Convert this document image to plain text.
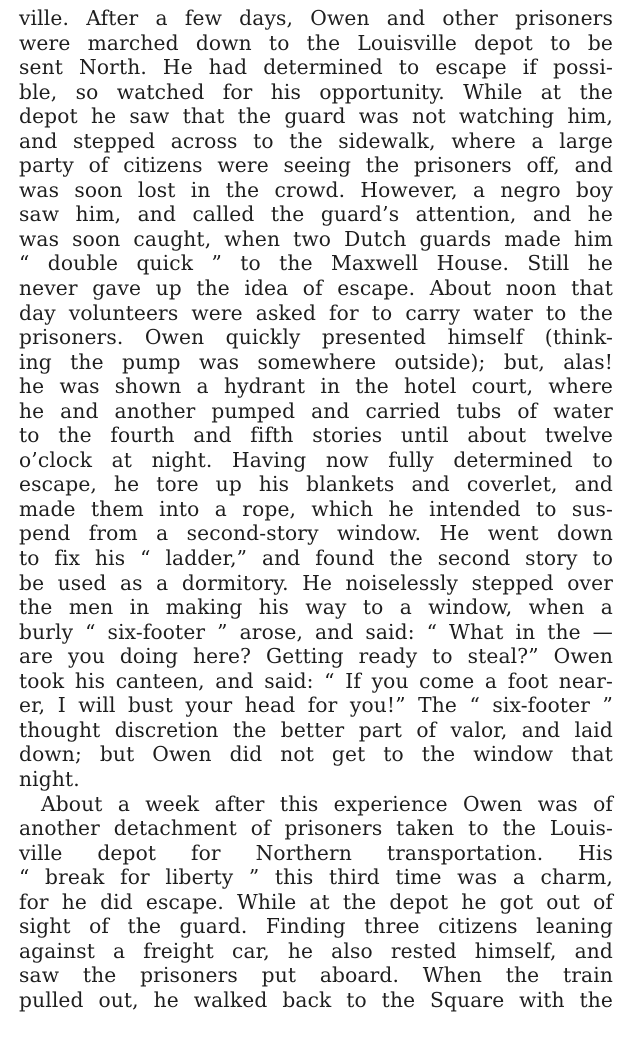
ville. After a few days, Owen and other prisoners
were marched down to the Louisville depot to be
sent North. He had determined to escape if possi-
ble, so watched for his opportunity. While at the
depot he saw that the guard was not watching him,
and stepped across to the sidewalk, where a large
party of citizens were seeing the prisoners off, and
was soon lost in the crowd. However, a negro boy
saw him, and called the guard’s attention, and he
was soon caught, when two Dutch guards made him
“ double quick ” to the Maxwell House. Still he
never gave up the idea of escape. About noon that
day volunteers were asked for to carry water to the
prisoners. Owen quickly presented himself (think-
ing the pump was somewhere outside); but, alas!
he was shown a hydrant in the hotel court, where
he and another pumped and carried tubs of water
to the fourth and fifth stories until about twelve
o’clock at night. Having now fully determined to
escape, he tore up his blankets and coverlet, and
made them into a rope, which he intended to sus-
pend from a second-story window. He went down
to fix his “ ladder,” and found the second story to
be used as a dormitory. He noiselessly stepped over
the men in making his way to a window, when a
burly “ six-footer ” arose, and said: “ What in the —
are you doing here? Getting ready to steal?” Owen
took his canteen, and said: “ If you come a foot near-
er, I will bust your head for you!” The “ six-footer ”
thought discretion the better part of valor, and laid
down; but Owen did not get to the window that
night.
About a week after this experience Owen was of
another detachment of prisoners taken to the Louis-
ville depot for Northern transportation. His
“ break for liberty ” this third time was a charm,
for he did escape. While at the depot he got out of
sight of the guard. Finding three citizens leaning
against a freight car, he also rested himself, and
saw the prisoners put aboard. When the train
pulled out, he walked back to the Square with the
